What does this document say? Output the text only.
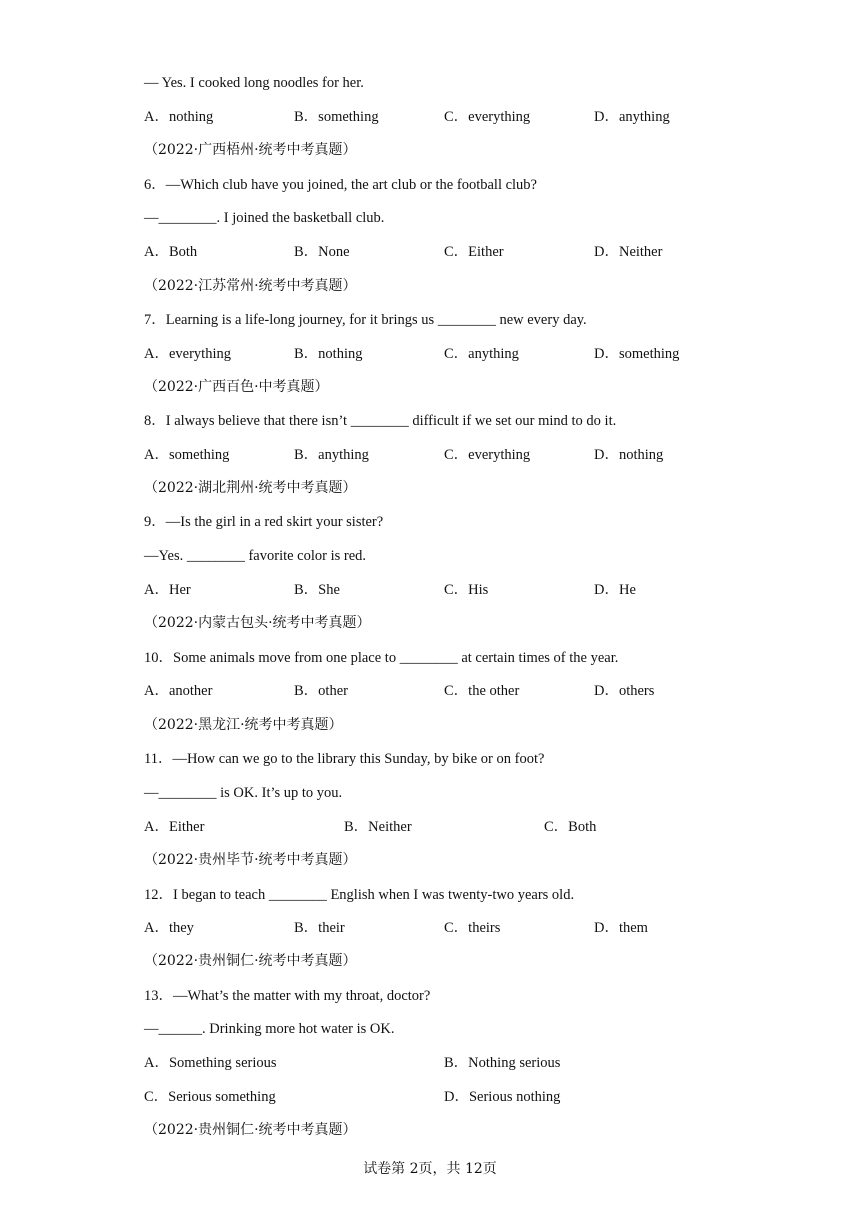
— Yes. I cooked long noodles for her.
A．nothing	B．something	C．everything	D．anything
（2022·广西梧州·统考中考真题）
6．—Which club have you joined, the art club or the football club?
—________. I joined the basketball club.
A．Both	B．None	C．Either	D．Neither
（2022·江苏常州·统考中考真题）
7．Learning is a life-long journey, for it brings us ________ new every day.
A．everything	B．nothing	C．anything	D．something
（2022·广西百色·中考真题）
8．I always believe that there isn’t ________ difficult if we set our mind to do it.
A．something	B．anything	C．everything	D．nothing
（2022·湖北荆州·统考中考真题）
9．—Is the girl in a red skirt your sister?
—Yes. ________ favorite color is red.
A．Her	B．She	C．His	D．He
（2022·内蒙古包头·统考中考真题）
10．Some animals move from one place to ________ at certain times of the year.
A．another	B．other	C．the other	D．others
（2022·黑龙江·统考中考真题）
11．—How can we go to the library this Sunday, by bike or on foot?
—________ is OK. It’s up to you.
A．Either	B．Neither	C．Both
（2022·贵州毕节·统考中考真题）
12．I began to teach ________ English when I was twenty-two years old.
A．they	B．their	C．theirs	D．them
（2022·贵州铜仁·统考中考真题）
13．—What’s the matter with my throat, doctor?
—______. Drinking more hot water is OK.
A．Something serious	B．Nothing serious
C．Serious something	D．Serious nothing
（2022·贵州铜仁·统考中考真题）
试卷第 2页，共 12页
